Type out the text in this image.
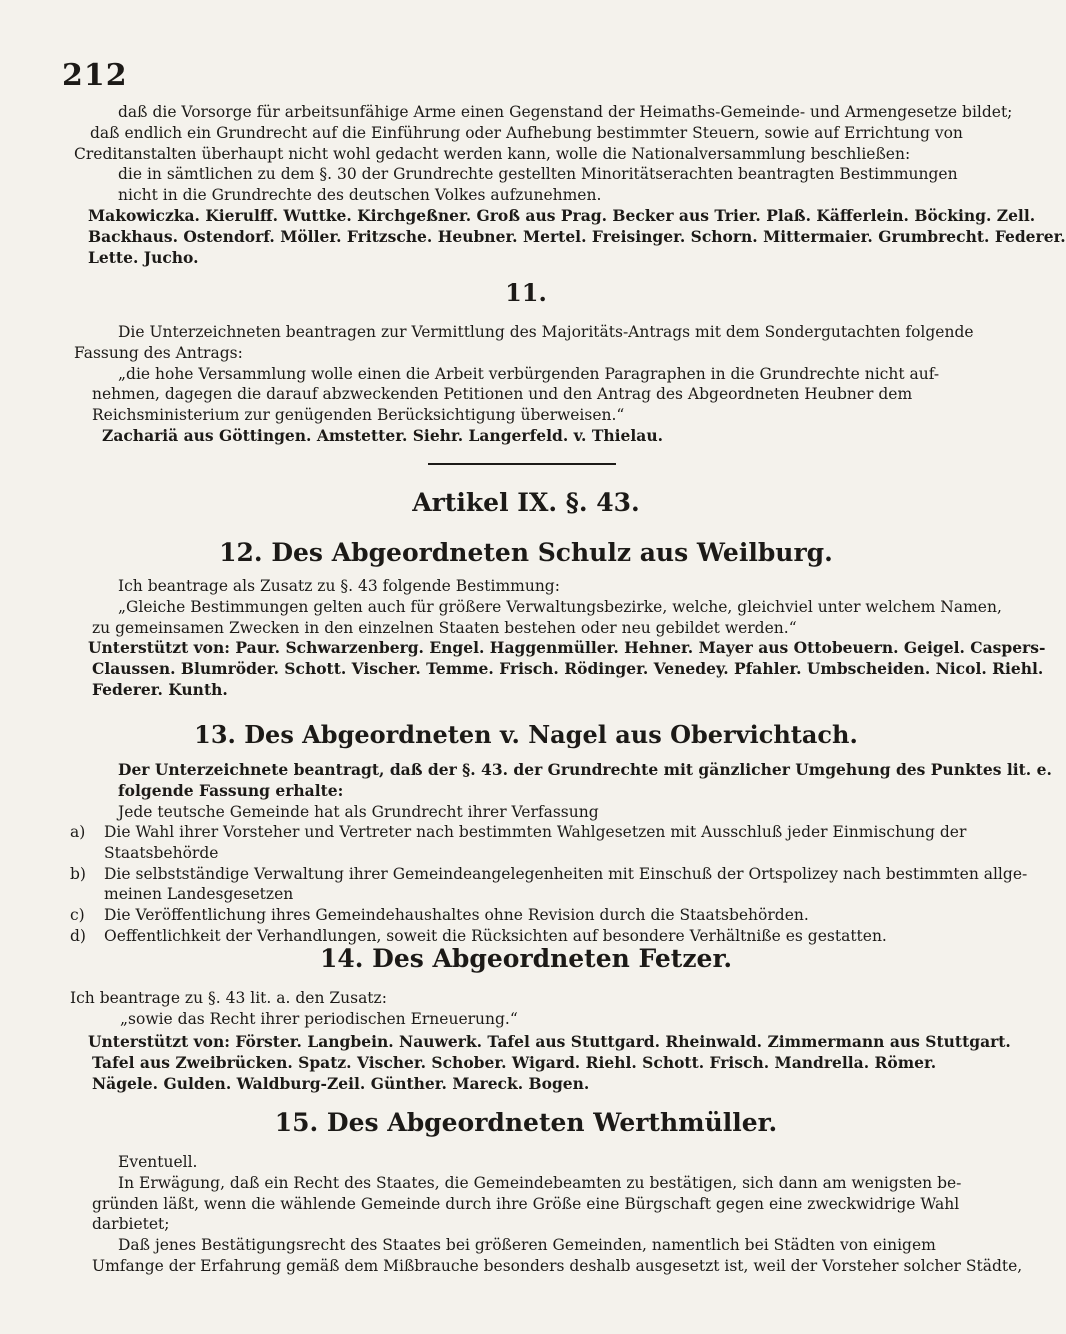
212
daß die Vorsorge für arbeitsunfähige Arme einen Gegenstand der Heimaths-Gemeinde- und Armengesetze bildet;
daß endlich ein Grundrecht auf die Einführung oder Aufhebung bestimmter Steuern, sowie auf Errichtung von
Creditanstalten überhaupt nicht wohl gedacht werden kann, wolle die Nationalversammlung beschließen:
die in sämtlichen zu dem §. 30 der Grundrechte gestellten Minoritätserachten beantragten Bestimmungen
nicht in die Grundrechte des deutschen Volkes aufzunehmen.
Makowiczka. Kierulff. Wuttke. Kirchgeßner. Groß aus Prag. Becker aus Trier. Plaß. Käfferlein. Böcking. Zell.
Backhaus. Ostendorf. Möller. Fritzsche. Heubner. Mertel. Freisinger. Schorn. Mittermaier. Grumbrecht. Federer.
Lette. Jucho.
11.
Die Unterzeichneten beantragen zur Vermittlung des Majoritäts-Antrags mit dem Sondergutachten folgende
Fassung des Antrags:
„die hohe Versammlung wolle einen die Arbeit verbürgenden Paragraphen in die Grundrechte nicht auf-
nehmen, dagegen die darauf abzweckenden Petitionen und den Antrag des Abgeordneten Heubner dem
Reichsministerium zur genügenden Berücksichtigung überweisen.“
Zachariä aus Göttingen. Amstetter. Siehr. Langerfeld. v. Thielau.
Artikel IX. §. 43.
12. Des Abgeordneten Schulz aus Weilburg.
Ich beantrage als Zusatz zu §. 43 folgende Bestimmung:
„Gleiche Bestimmungen gelten auch für größere Verwaltungsbezirke, welche, gleichviel unter welchem Namen,
zu gemeinsamen Zwecken in den einzelnen Staaten bestehen oder neu gebildet werden.“
Unterstützt von: Paur. Schwarzenberg. Engel. Haggenmüller. Hehner. Mayer aus Ottobeuern. Geigel. Caspers-
Claussen. Blumröder. Schott. Vischer. Temme. Frisch. Rödinger. Venedey. Pfahler. Umbscheiden. Nicol. Riehl.
Federer. Kunth.
13. Des Abgeordneten v. Nagel aus Obervichtach.
Der Unterzeichnete beantragt, daß der §. 43. der Grundrechte mit gänzlicher Umgehung des Punktes lit. e.
folgende Fassung erhalte:
Jede teutsche Gemeinde hat als Grundrecht ihrer Verfassung
a)	Die Wahl ihrer Vorsteher und Vertreter nach bestimmten Wahlgesetzen mit Ausschluß jeder Einmischung der
Staatsbehörde
b)	Die selbstständige Verwaltung ihrer Gemeindeangelegenheiten mit Einschuß der Ortspolizey nach bestimmten allge-
meinen Landesgesetzen
c)	Die Veröffentlichung ihres Gemeindehaushaltes ohne Revision durch die Staatsbehörden.
d)	Oeffentlichkeit der Verhandlungen, soweit die Rücksichten auf besondere Verhältniße es gestatten.
14. Des Abgeordneten Fetzer.
Ich beantrage zu §. 43 lit. a. den Zusatz:
„sowie das Recht ihrer periodischen Erneuerung.“
Unterstützt von: Förster. Langbein. Nauwerk. Tafel aus Stuttgard. Rheinwald. Zimmermann aus Stuttgart.
Tafel aus Zweibrücken. Spatz. Vischer. Schober. Wigard. Riehl. Schott. Frisch. Mandrella. Römer.
Nägele. Gulden. Waldburg-Zeil. Günther. Mareck. Bogen.
15. Des Abgeordneten Werthmüller.
Eventuell.
In Erwägung, daß ein Recht des Staates, die Gemeindebeamten zu bestätigen, sich dann am wenigsten be-
gründen läßt, wenn die wählende Gemeinde durch ihre Größe eine Bürgschaft gegen eine zweckwidrige Wahl
darbietet;
Daß jenes Bestätigungsrecht des Staates bei größeren Gemeinden, namentlich bei Städten von einigem
Umfange der Erfahrung gemäß dem Mißbrauche besonders deshalb ausgesetzt ist, weil der Vorsteher solcher Städte,
